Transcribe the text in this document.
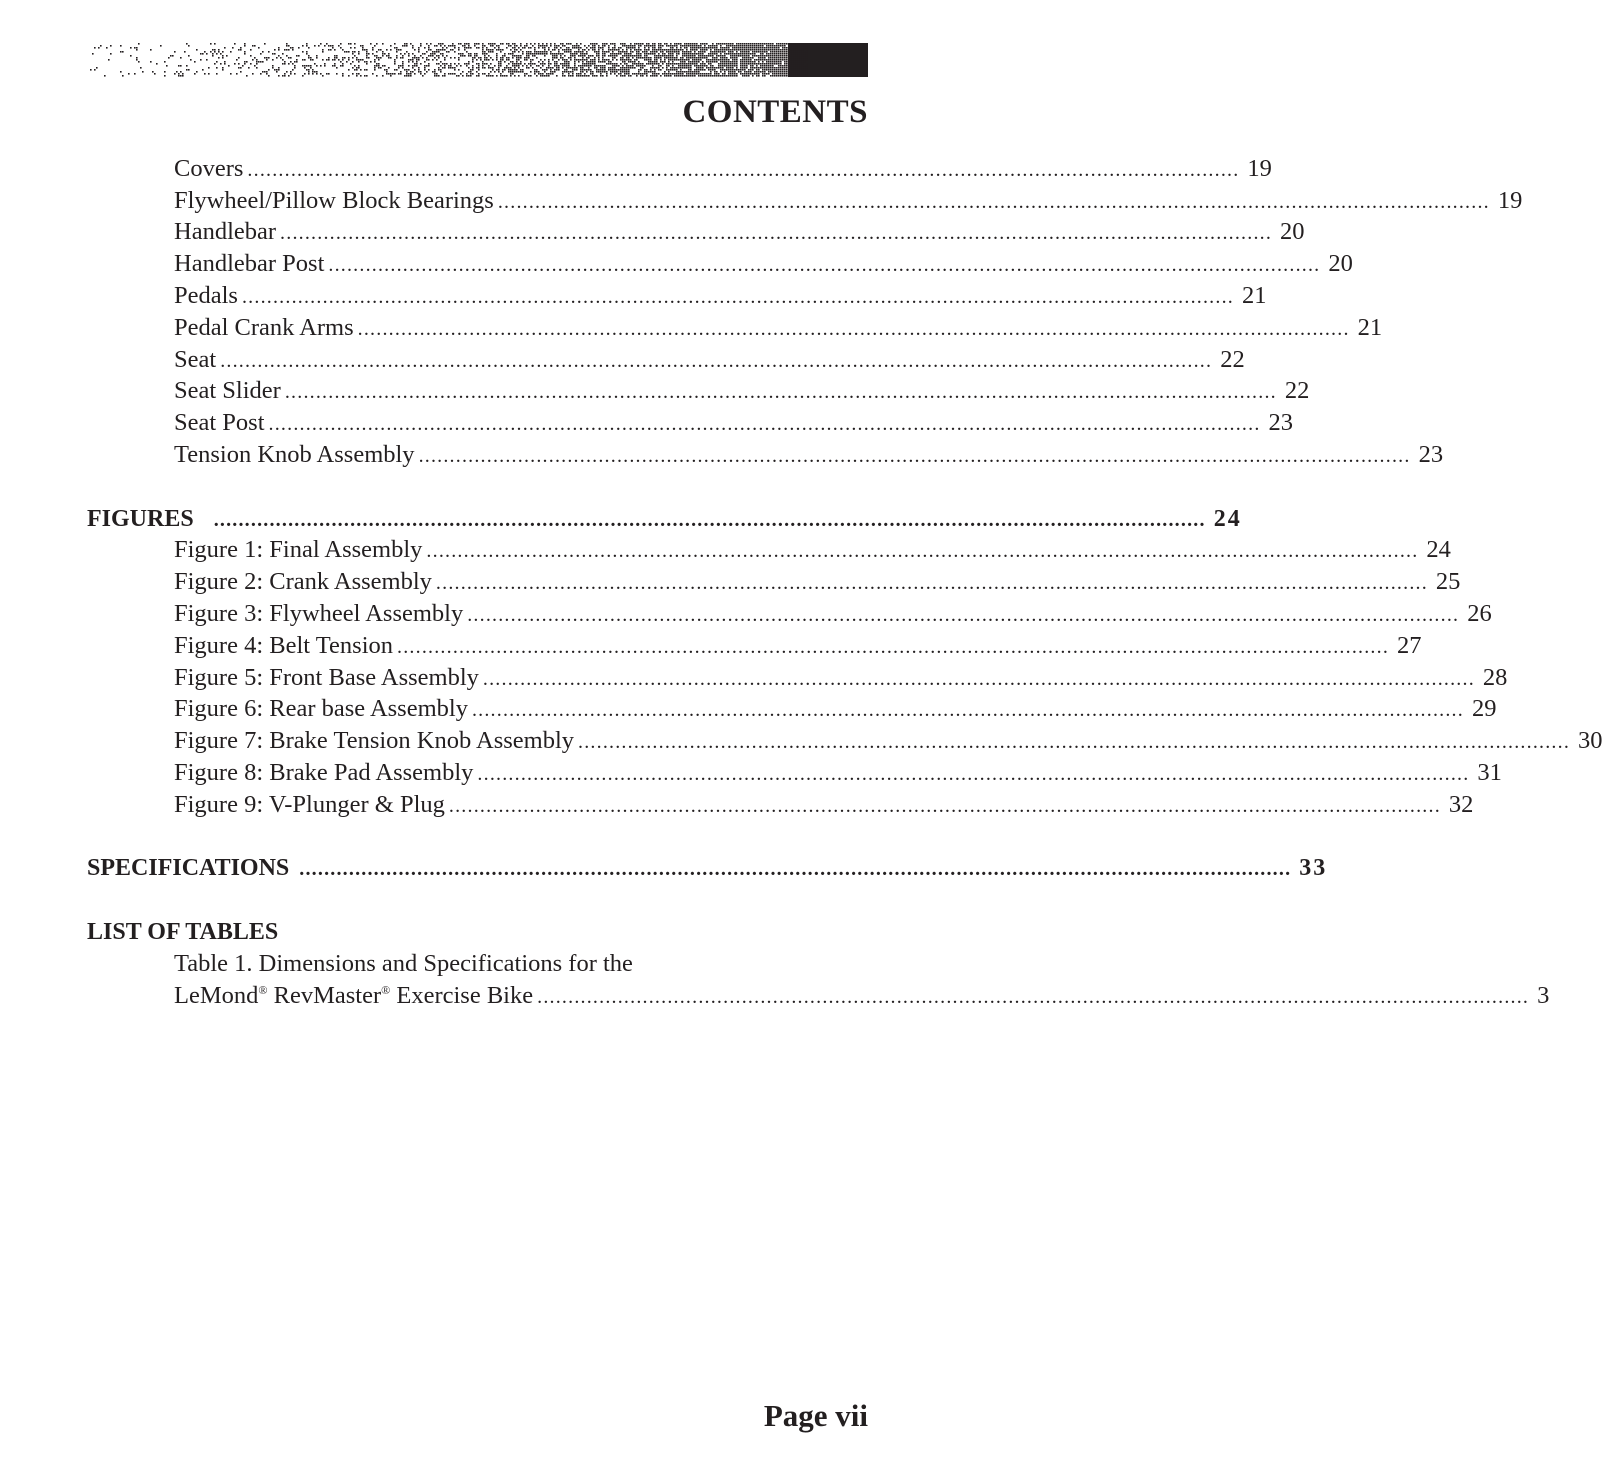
CONTENTS
Covers ................................................................................................................................................................ 19
Flywheel/Pillow Block Bearings ................................................................................................................................................................ 19
Handlebar ................................................................................................................................................................ 20
Handlebar Post ................................................................................................................................................................ 20
Pedals ................................................................................................................................................................ 21
Pedal Crank Arms ................................................................................................................................................................ 21
Seat ................................................................................................................................................................ 22
Seat Slider ................................................................................................................................................................ 22
Seat Post ................................................................................................................................................................ 23
Tension Knob Assembly ................................................................................................................................................................ 23
FIGURES	................................................................................................................................................................ 24
Figure 1: Final Assembly ................................................................................................................................................................ 24
Figure 2: Crank Assembly ................................................................................................................................................................ 25
Figure 3: Flywheel Assembly ................................................................................................................................................................ 26
Figure 4: Belt Tension ................................................................................................................................................................ 27
Figure 5: Front Base Assembly ................................................................................................................................................................ 28
Figure 6: Rear base Assembly ................................................................................................................................................................ 29
Figure 7: Brake Tension Knob Assembly ................................................................................................................................................................ 30
Figure 8: Brake Pad Assembly ................................................................................................................................................................ 31
Figure 9: V-Plunger & Plug ................................................................................................................................................................ 32
SPECIFICATIONS ................................................................................................................................................................ 33
LIST OF TABLES
Table 1. Dimensions and Specifications for the
LeMond® RevMaster® Exercise Bike ................................................................................................................................................................ 3
Page vii
